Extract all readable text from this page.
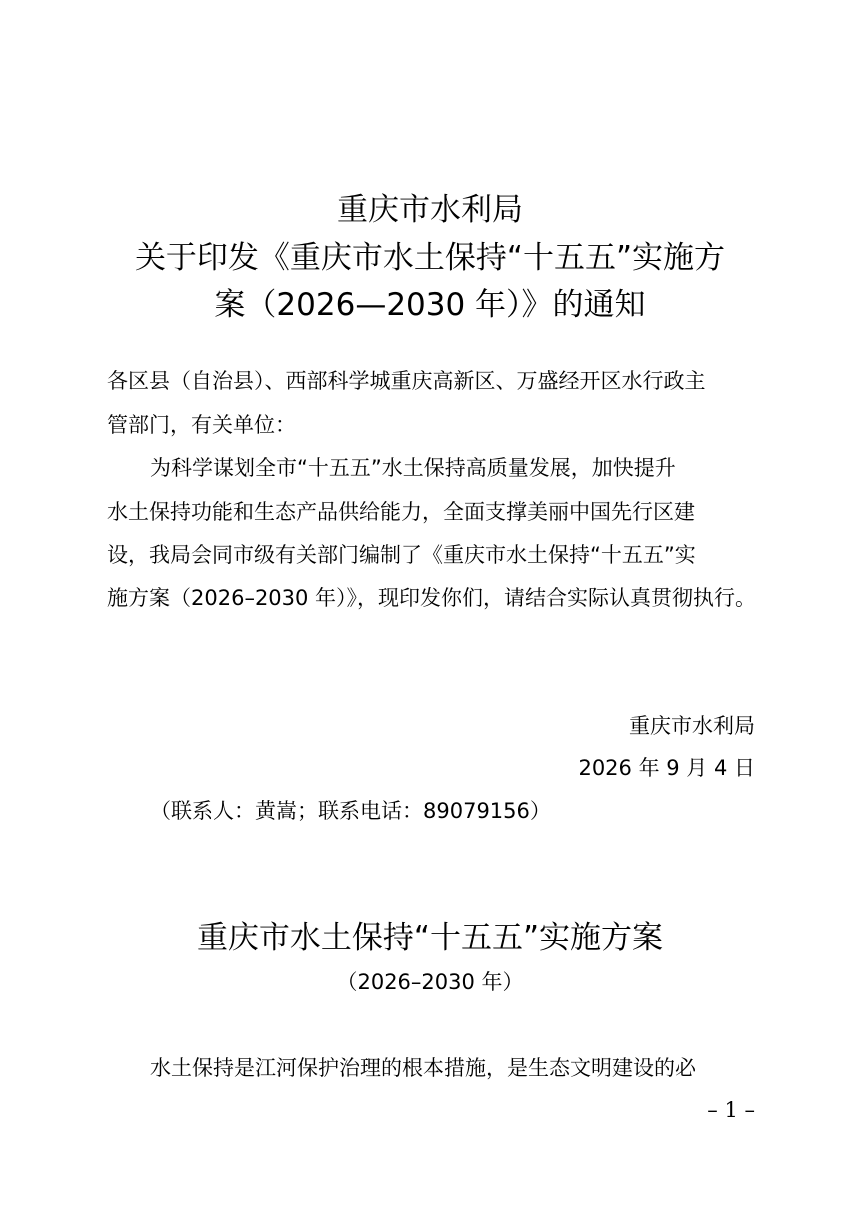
重庆市水利局
关于印发《重庆市水土保持“十五五”实施方
案（2026—2030 年）》的通知
各区县（自治县）、西部科学城重庆高新区、万盛经开区水行政主
管部门，有关单位：
为科学谋划全市“十五五”水土保持高质量发展，加快提升
水土保持功能和生态产品供给能力，全面支撑美丽中国先行区建
设，我局会同市级有关部门编制了《重庆市水土保持“十五五”实
施方案（2026–2030 年）》，现印发你们，请结合实际认真贯彻执行。
重庆市水利局
2026 年 9 月 4 日
（联系人：黄嵩；联系电话：89079156）
重庆市水土保持“十五五”实施方案
（2026–2030 年）
水土保持是江河保护治理的根本措施，是生态文明建设的必
– 1 –
